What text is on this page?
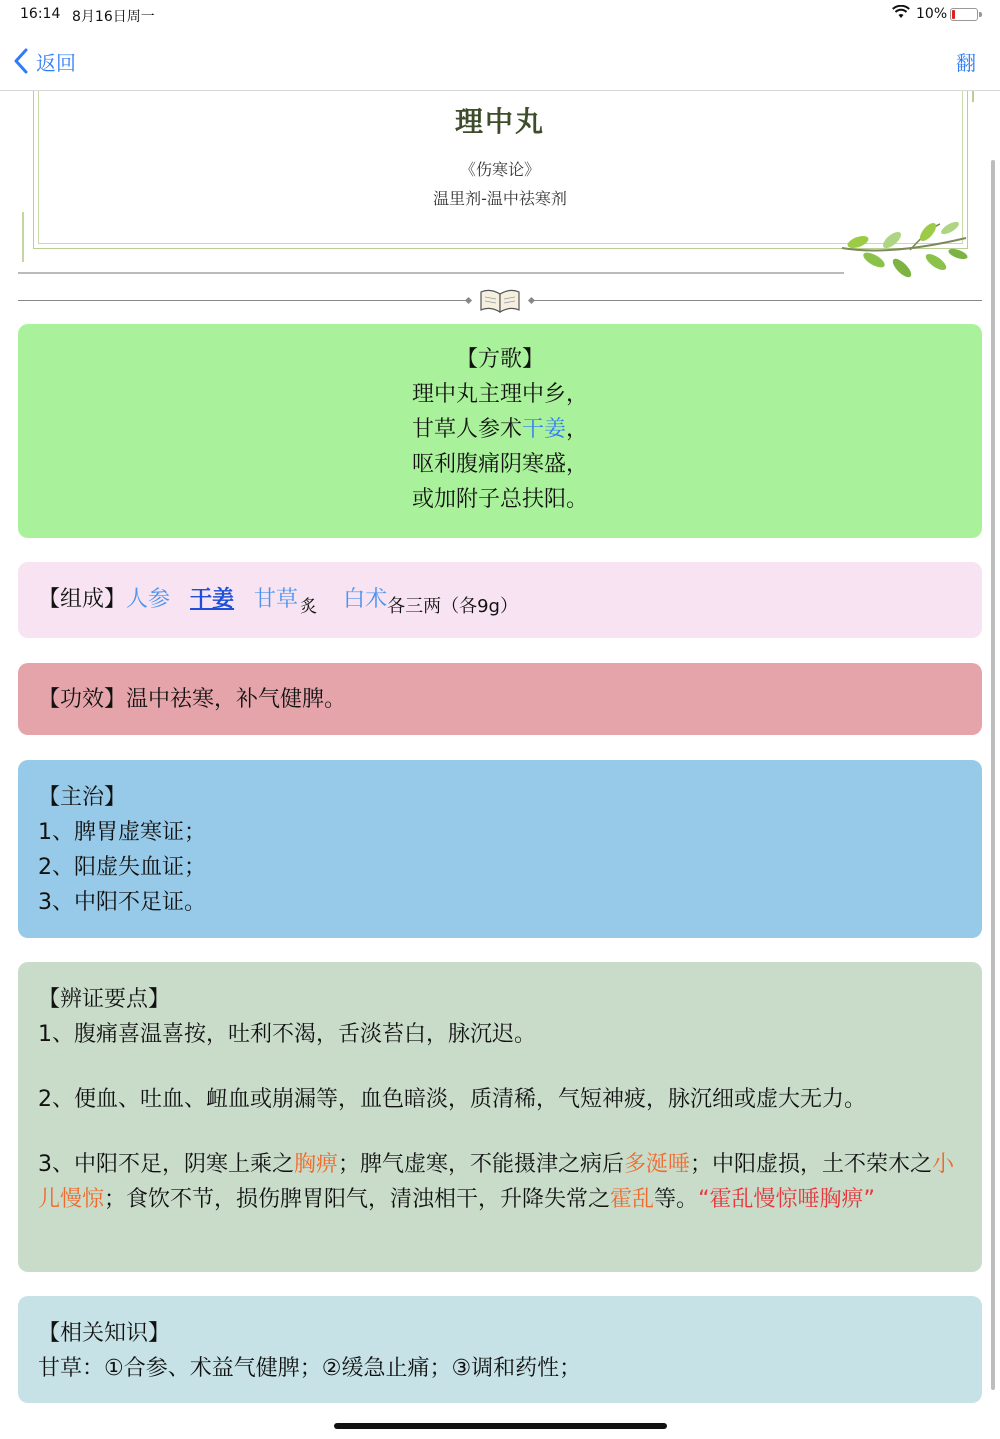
16:14 8月16日周一	10%
返回	翻
理中丸
《伤寒论》
温里剂-温中祛寒剂
【方歌】
理中丸主理中乡，
甘草人参术干姜，
呕利腹痛阴寒盛，
或加附子总扶阳。
【组成】人参 干姜 甘草 $_炙$ 白术$_{各三两(各9g)}$
【功效】温中祛寒，补气健脾。
【主治】
1、脾胃虚寒证；
2、阳虚失血证；
3、中阳不足证。
【辨证要点】
1、腹痛喜温喜按，吐利不渴，舌淡苔白，脉沉迟。
2、便血、吐血、衄血或崩漏等，血色暗淡，质清稀，气短神疲，脉沉细或虚大无力。
3、中阳不足，阴寒上乘之胸痹；脾气虚寒，不能摄津之病后多涎唾；中阳虚损，土不荣木之小儿慢惊；食饮不节，损伤脾胃阳气，清浊相干，升降失常之霍乱等。“霍乱慢惊唾胸痹”
【相关知识】
甘草：①合参、术益气健脾；②缓急止痛；③调和药性；
